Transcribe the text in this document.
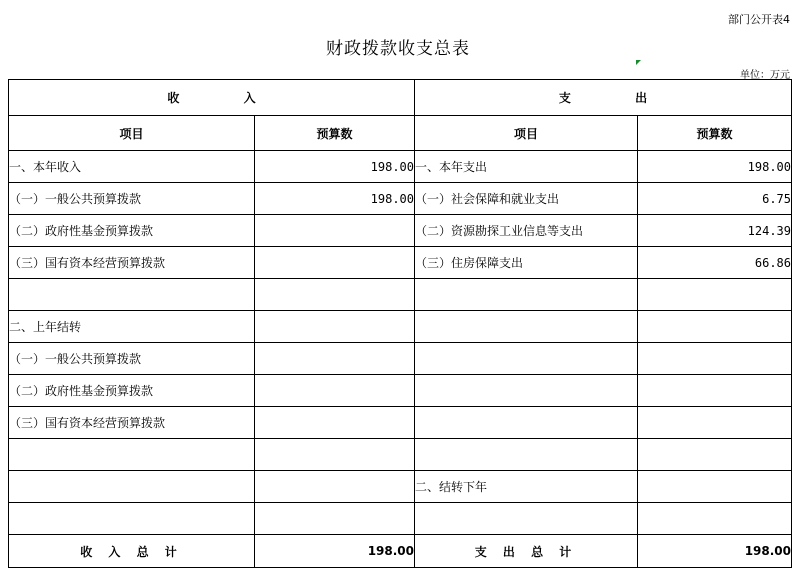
部门公开表4
财政拨款收支总表
单位：万元
收 入		支 出	
项目	预算数	项目	预算数
一、本年收入	198.00	一、本年支出	198.00
（一）一般公共预算拨款	198.00	（一）社会保障和就业支出	6.75
（二）政府性基金预算拨款		（二）资源勘探工业信息等支出	124.39
（三）国有资本经营预算拨款		（三）住房保障支出	66.86

二、上年结转			
（一）一般公共预算拨款			
（二）政府性基金预算拨款			
（三）国有资本经营预算拨款			

		二、结转下年	

收 入 总 计	198.00	支 出 总 计	198.00
